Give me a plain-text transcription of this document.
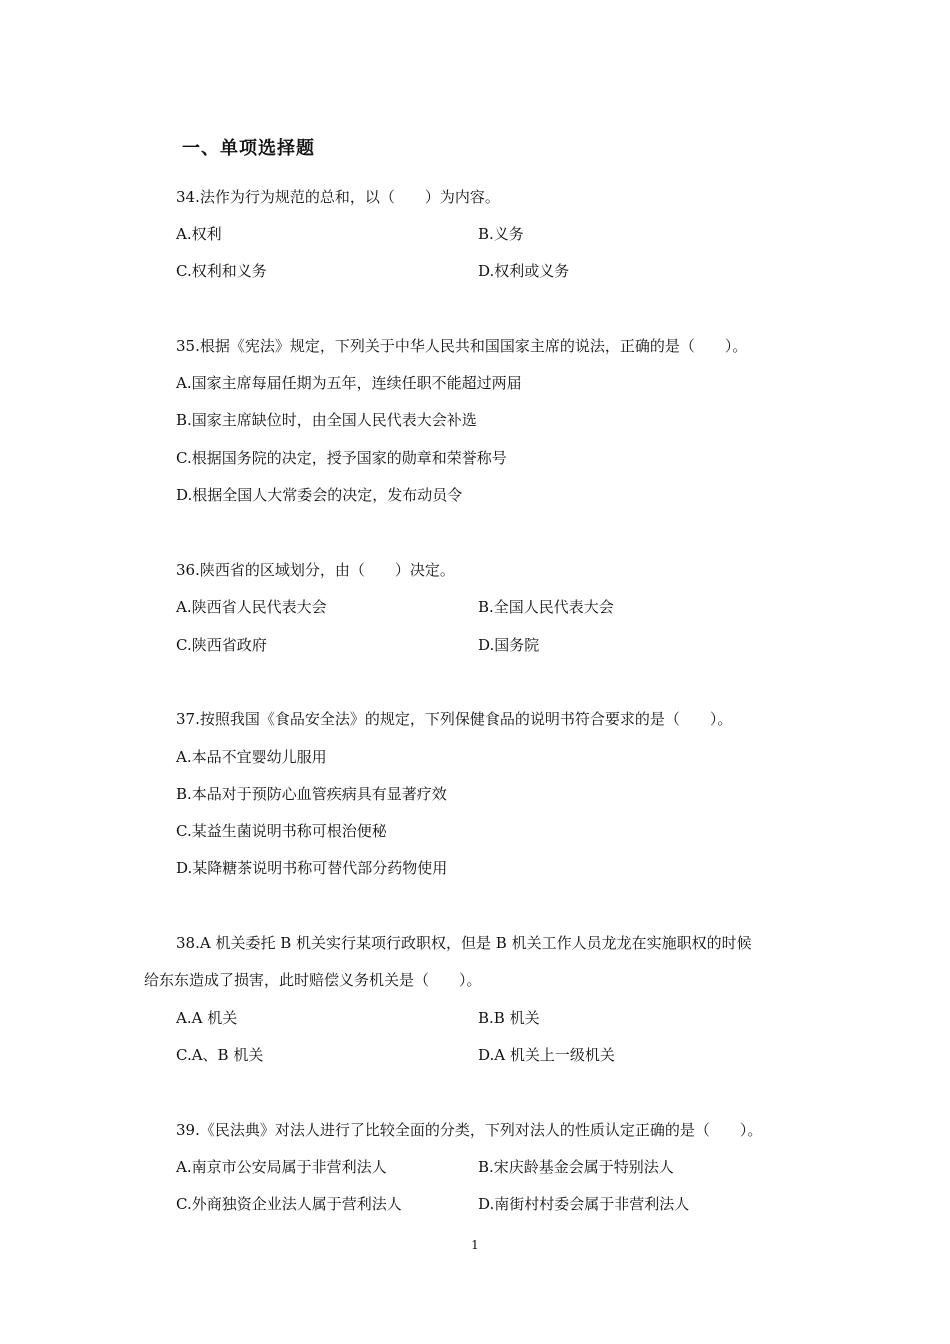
一、单项选择题
34.法作为行为规范的总和，以（　　）为内容。
A.权利	B.义务
C.权利和义务	D.权利或义务
35.根据《宪法》规定，下列关于中华人民共和国国家主席的说法，正确的是（　　）。
A.国家主席每届任期为五年，连续任职不能超过两届
B.国家主席缺位时，由全国人民代表大会补选
C.根据国务院的决定，授予国家的勋章和荣誉称号
D.根据全国人大常委会的决定，发布动员令
36.陕西省的区域划分，由（　　）决定。
A.陕西省人民代表大会	B.全国人民代表大会
C.陕西省政府	D.国务院
37.按照我国《食品安全法》的规定，下列保健食品的说明书符合要求的是（　　）。
A.本品不宜婴幼儿服用
B.本品对于预防心血管疾病具有显著疗效
C.某益生菌说明书称可根治便秘
D.某降糖茶说明书称可替代部分药物使用
38.A 机关委托 B 机关实行某项行政职权，但是 B 机关工作人员龙龙在实施职权的时候
给东东造成了损害，此时赔偿义务机关是（　　）。
A.A 机关	B.B 机关
C.A、B 机关	D.A 机关上一级机关
39.《民法典》对法人进行了比较全面的分类，下列对法人的性质认定正确的是（　　）。
A.南京市公安局属于非营利法人	B.宋庆龄基金会属于特别法人
C.外商独资企业法人属于营利法人	D.南街村村委会属于非营利法人
1
